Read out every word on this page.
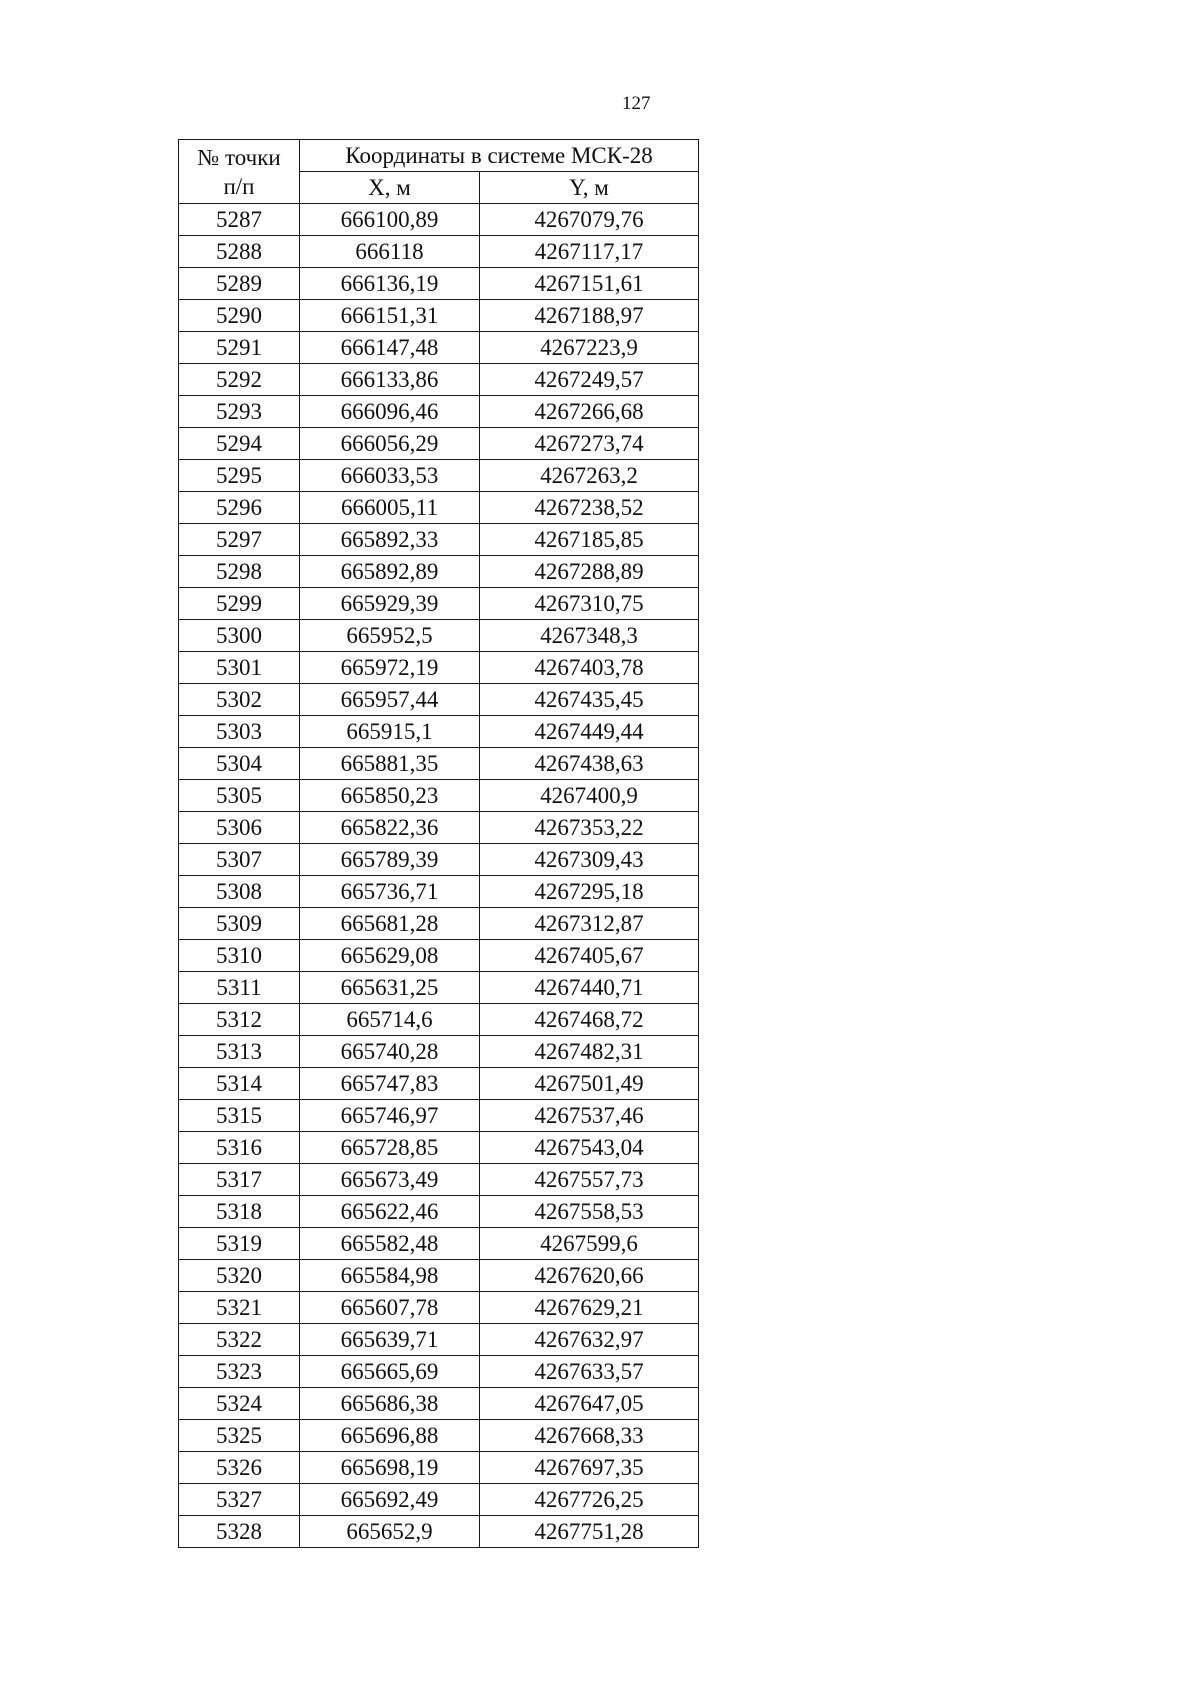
127
№ точки
п/п	Координаты в системе МСК-28	
	X, м	Y, м
5287	666100,89	4267079,76
5288	666118	4267117,17
5289	666136,19	4267151,61
5290	666151,31	4267188,97
5291	666147,48	4267223,9
5292	666133,86	4267249,57
5293	666096,46	4267266,68
5294	666056,29	4267273,74
5295	666033,53	4267263,2
5296	666005,11	4267238,52
5297	665892,33	4267185,85
5298	665892,89	4267288,89
5299	665929,39	4267310,75
5300	665952,5	4267348,3
5301	665972,19	4267403,78
5302	665957,44	4267435,45
5303	665915,1	4267449,44
5304	665881,35	4267438,63
5305	665850,23	4267400,9
5306	665822,36	4267353,22
5307	665789,39	4267309,43
5308	665736,71	4267295,18
5309	665681,28	4267312,87
5310	665629,08	4267405,67
5311	665631,25	4267440,71
5312	665714,6	4267468,72
5313	665740,28	4267482,31
5314	665747,83	4267501,49
5315	665746,97	4267537,46
5316	665728,85	4267543,04
5317	665673,49	4267557,73
5318	665622,46	4267558,53
5319	665582,48	4267599,6
5320	665584,98	4267620,66
5321	665607,78	4267629,21
5322	665639,71	4267632,97
5323	665665,69	4267633,57
5324	665686,38	4267647,05
5325	665696,88	4267668,33
5326	665698,19	4267697,35
5327	665692,49	4267726,25
5328	665652,9	4267751,28
